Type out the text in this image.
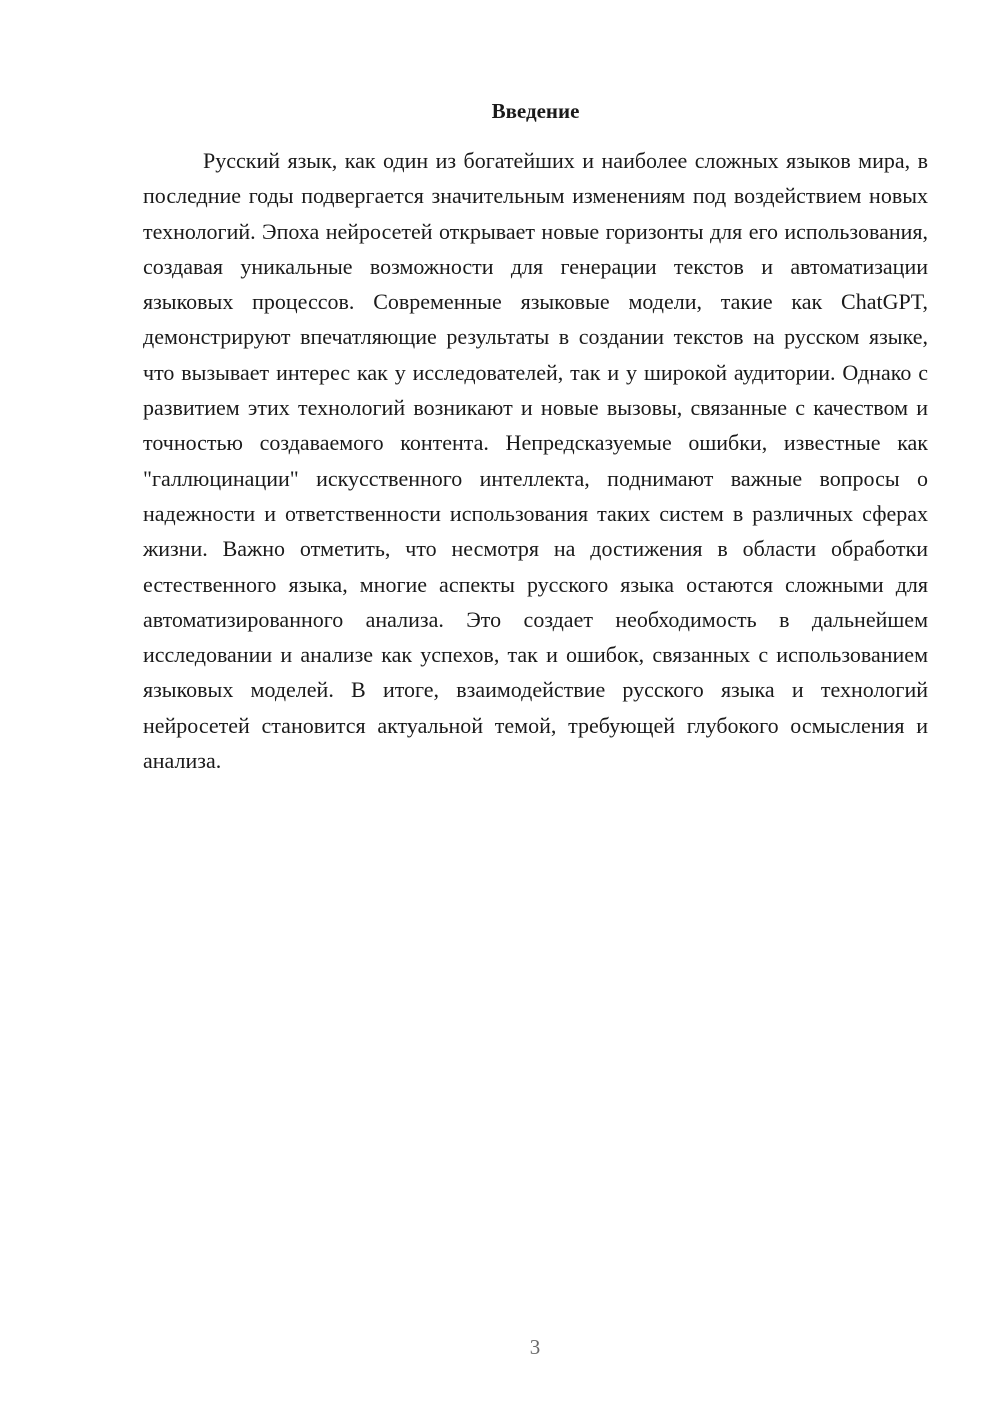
Введение

Русский язык, как один из богатейших и наиболее сложных языков мира, в последние годы подвергается значительным изменениям под воздействием новых технологий. Эпоха нейросетей открывает новые горизонты для его использования, создавая уникальные возможности для генерации текстов и автоматизации языковых процессов. Современные языковые модели, такие как ChatGPT, демонстрируют впечатляющие результаты в создании текстов на русском языке, что вызывает интерес как у исследователей, так и у широкой аудитории. Однако с развитием этих технологий возникают и новые вызовы, связанные с качеством и точностью создаваемого контента. Непредсказуемые ошибки, известные как "галлюцинации" искусственного интеллекта, поднимают важные вопросы о надежности и ответственности использования таких систем в различных сферах жизни. Важно отметить, что несмотря на достижения в области обработки естественного языка, многие аспекты русского языка остаются сложными для автоматизированного анализа. Это создает необходимость в дальнейшем исследовании и анализе как успехов, так и ошибок, связанных с использованием языковых моделей. В итоге, взаимодействие русского языка и технологий нейросетей становится актуальной темой, требующей глубокого осмысления и анализа.

3
